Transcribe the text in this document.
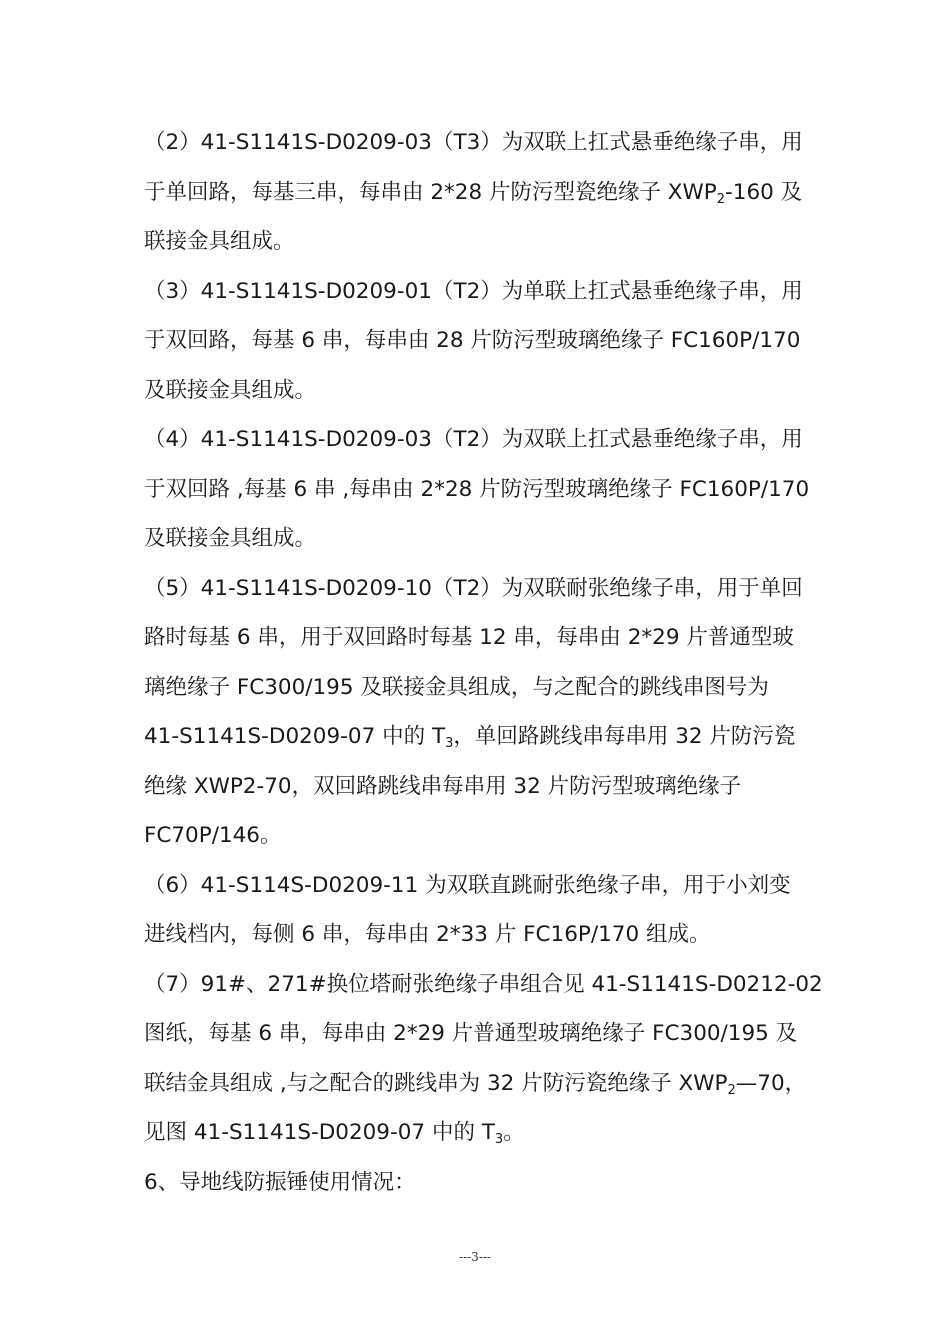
（2）41-S1141S-D0209-03（T3）为双联上扛式悬垂绝缘子串，用
于单回路，每基三串，每串由 2*28 片防污型瓷绝缘子 $XWP_2-160$ 及
联接金具组成。
（3）41-S1141S-D0209-01（T2）为单联上扛式悬垂绝缘子串，用
于双回路，每基 6 串，每串由 28 片防污型玻璃绝缘子 FC160P/170
及联接金具组成。
（4）41-S1141S-D0209-03（T2）为双联上扛式悬垂绝缘子串，用
于双回路 ,每基 6 串 ,每串由 2*28 片防污型玻璃绝缘子 FC160P/170
及联接金具组成。
（5）41-S1141S-D0209-10（T2）为双联耐张绝缘子串，用于单回
路时每基 6 串，用于双回路时每基 12 串，每串由 2*29 片普通型玻
璃绝缘子 FC300/195 及联接金具组成，与之配合的跳线串图号为
41-S1141S-D0209-07 中的 $T_3$，单回路跳线串每串用 32 片防污瓷
绝缘 XWP2-70，双回路跳线串每串用 32 片防污型玻璃绝缘子
FC70P/146。
（6）41-S114S-D0209-11 为双联直跳耐张绝缘子串，用于小刘变
进线档内，每侧 6 串，每串由 2*33 片 FC16P/170 组成。
（7）91#、271#换位塔耐张绝缘子串组合见 41-S1141S-D0212-02
图纸，每基 6 串，每串由 2*29 片普通型玻璃绝缘子 FC300/195 及
联结金具组成 ,与之配合的跳线串为 32 片防污瓷绝缘子 $XWP_2—70$，
见图 41-S1141S-D0209-07 中的 $T_3$。
6、导地线防振锤使用情况：
---3---
